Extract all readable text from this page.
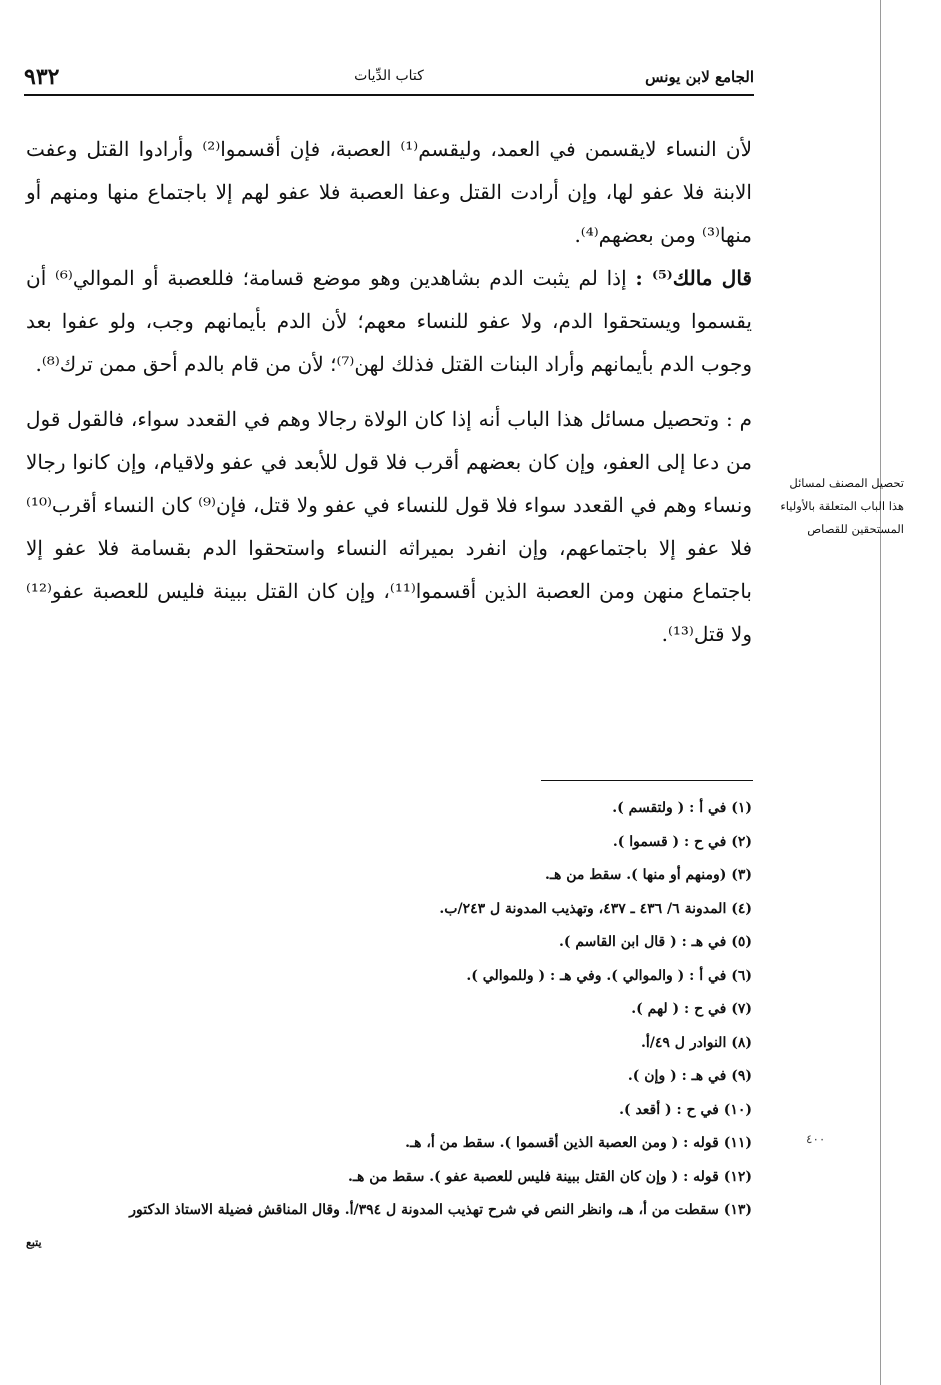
الجامع لابن يونس
كتاب الدِّيات
٩٣٢

لأن النساء لايقسمن في العمد، وليقسم⁽¹⁾ العصبة، فإن أقسموا⁽²⁾ وأرادوا القتل وعفت الابنة فلا عفو لها، وإن أرادت القتل وعفا العصبة فلا عفو لهم إلا باجتماع منها ومنهم أو منها⁽³⁾ ومن بعضهم⁽⁴⁾.

قال مالك⁽⁵⁾ : إذا لم يثبت الدم بشاهدين وهو موضع قسامة؛ فللعصبة أو الموالي⁽⁶⁾ أن يقسموا ويستحقوا الدم، ولا عفو للنساء معهم؛ لأن الدم بأيمانهم وجب، ولو عفوا بعد وجوب الدم بأيمانهم وأراد البنات القتل فذلك لهن⁽⁷⁾؛ لأن من قام بالدم أحق ممن ترك⁽⁸⁾.

م : وتحصيل مسائل هذا الباب أنه إذا كان الولاة رجالا وهم في القعدد سواء، فالقول قول من دعا إلى العفو، وإن كان بعضهم أقرب فلا قول للأبعد في عفو ولاقيام، وإن كانوا رجالا ونساء وهم في القعدد سواء فلا قول للنساء في عفو ولا قتل، فإن⁽⁹⁾ كان النساء أقرب⁽¹⁰⁾ فلا عفو إلا باجتماعهم، وإن انفرد بميراثه النساء واستحقوا الدم بقسامة فلا عفو إلا باجتماع منهن ومن العصبة الذين أقسموا⁽¹¹⁾، وإن كان القتل ببينة فليس للعصبة عفو⁽¹²⁾ ولا قتل⁽¹³⁾.

تحصيل المصنف لمسائل هذا الباب المتعلقة بالأولياء المستحقين للقصاص
(١) في أ : ( ولتقسم ).
(٢) في ح : ( قسموا ).
(٣) (ومنهم أو منها ). سقط من هـ.
(٤) المدونة ٦/ ٤٣٦ ـ ٤٣٧، وتهذيب المدونة ل ٢٤٣/ب.
(٥) في هـ : ( قال ابن القاسم ).
(٦) في أ : ( والموالي ). وفي هـ : ( وللموالي ).
(٧) في ح : ( لهم ).
(٨) النوادر ل ٤٩/أ.
(٩) في هـ : ( وإن ).
(١٠) في ح : ( أقعد ).
(١١) قوله : ( ومن العصبة الذين أقسموا ). سقط من أ، هـ.
(١٢) قوله : ( وإن كان القتل ببينة فليس للعصبة عفو ). سقط من هـ.
(١٣) سقطت من أ، هـ، وانظر النص في شرح تهذيب المدونة ل ٣٩٤/أ. وقال المناقش فضيلة الاستاذ الدكتور
يتبع
٤٠٠
